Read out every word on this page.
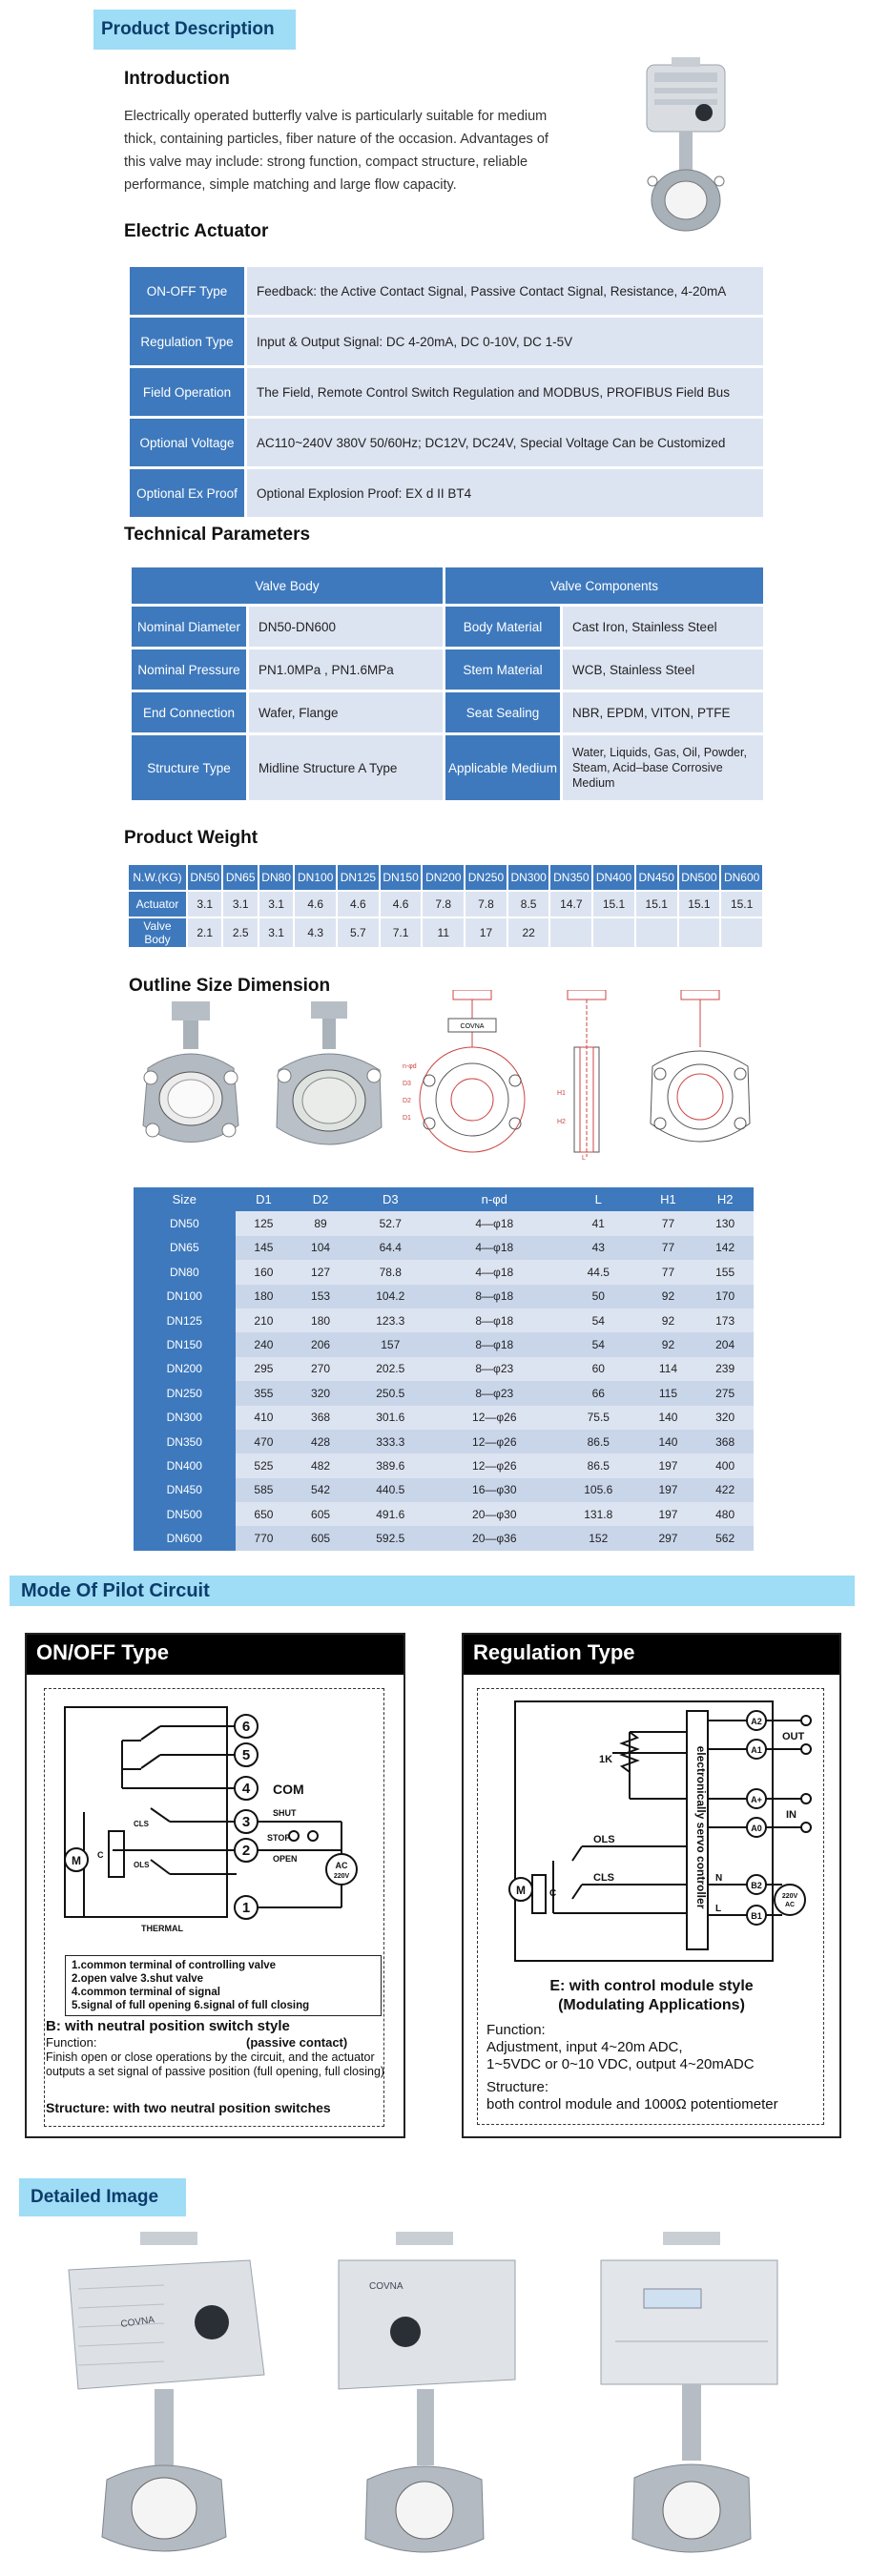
Product Description
Introduction
Electrically operated butterfly valve is particularly suitable for medium
thick, containing particles, fiber nature of the occasion. Advantages of
this valve may include: strong function, compact structure, reliable
performance, simple matching and large flow capacity.
Electric Actuator
ON-OFF Type	Feedback: the Active Contact Signal, Passive Contact Signal, Resistance, 4-20mA
Regulation Type	Input & Output Signal: DC 4-20mA, DC 0-10V, DC 1-5V
Field Operation	The Field, Remote Control Switch Regulation and MODBUS, PROFIBUS Field Bus
Optional Voltage	AC110~240V 380V 50/60Hz; DC12V, DC24V, Special Voltage Can be Customized
Optional Ex Proof	Optional Explosion Proof: EX d II BT4
Technical Parameters
Valve Body		Valve Components	
Nominal Diameter	DN50-DN600	Body Material	Cast Iron, Stainless Steel
Nominal Pressure	PN1.0MPa , PN1.6MPa	Stem Material	WCB, Stainless Steel
End Connection	Wafer, Flange	Seat Sealing	NBR, EPDM, VITON, PTFE
Structure Type	Midline Structure A Type	Applicable Medium	Water, Liquids, Gas, Oil, Powder, Steam, Acid–base Corrosive Medium
Product Weight
N.W.(KG)	DN50	DN65	DN80	DN100	DN125	DN150	DN200	DN250	DN300	DN350	DN400	DN450	DN500	DN600
Actuator	3.1	3.1	3.1	4.6	4.6	4.6	7.8	7.8	8.5	14.7	15.1	15.1	15.1	15.1
Valve Body	2.1	2.5	3.1	4.3	5.7	7.1	11	17	22					
Outline Size Dimension
COVNA
n-φd
D3
D2
D1
H1
H2
L
Size	D1	D2	D3	n-φd	L	H1	H2
DN50	125	89	52.7	4—φ18	41	77	130
DN65	145	104	64.4	4—φ18	43	77	142
DN80	160	127	78.8	4—φ18	44.5	77	155
DN100	180	153	104.2	8—φ18	50	92	170
DN125	210	180	123.3	8—φ18	54	92	173
DN150	240	206	157	8—φ18	54	92	204
DN200	295	270	202.5	8—φ23	60	114	239
DN250	355	320	250.5	8—φ23	66	115	275
DN300	410	368	301.6	12—φ26	75.5	140	320
DN350	470	428	333.3	12—φ26	86.5	140	368
DN400	525	482	389.6	12—φ26	86.5	197	400
DN450	585	542	440.5	16—φ30	105.6	197	422
DN500	650	605	491.6	20—φ30	131.8	197	480
DN600	770	605	592.5	20—φ36	152	297	562
Mode Of Pilot Circuit
ON/OFF Type
6
5
4
3
2
1
COM
SHUT
STOP
OPEN
AC
220V
CLS
OLS
C
M
THERMAL
1.common terminal of controlling valve
2.open valve 3.shut valve
4.common terminal of signal
5.signal of full opening 6.signal of full closing
B: with neutral position switch style
Function:	(passive contact)
Finish open or close operations by the circuit, and the actuator outputs a set signal of passive position (full opening, full closing)
Structure: with two neutral position switches
Regulation Type
electronically servo controller
A2
A1
A+
A0
B2
B1
OUT
IN
1K
OLS
CLS
C
M
N
L
220V
AC
E: with control module style
(Modulating Applications)
Function:
Adjustment, input 4~20m ADC,
1~5VDC or 0~10 VDC, output 4~20mADC
Structure:
both control module and 1000Ω potentiometer
Detailed Image
COVNA
COVNA
